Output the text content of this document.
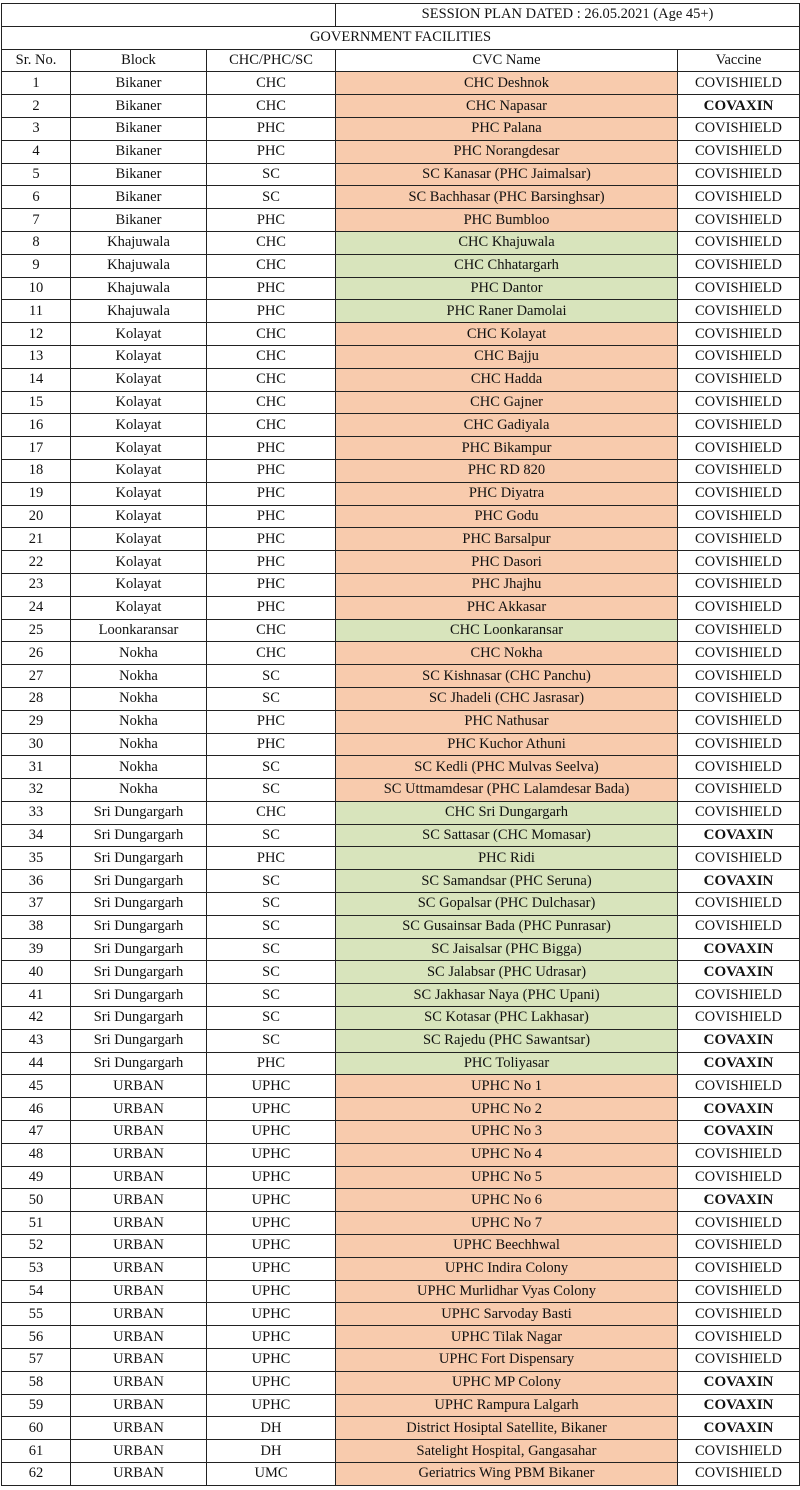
			SESSION PLAN DATED : 26.05.2021 (Age 45+)	
GOVERNMENT FACILITIES				
Sr. No.	Block	CHC/PHC/SC	CVC Name	Vaccine
1	Bikaner	CHC	CHC Deshnok	COVISHIELD
2	Bikaner	CHC	CHC Napasar	COVAXIN
3	Bikaner	PHC	PHC Palana	COVISHIELD
4	Bikaner	PHC	PHC Norangdesar	COVISHIELD
5	Bikaner	SC	SC Kanasar (PHC Jaimalsar)	COVISHIELD
6	Bikaner	SC	SC Bachhasar (PHC Barsinghsar)	COVISHIELD
7	Bikaner	PHC	PHC Bumbloo	COVISHIELD
8	Khajuwala	CHC	CHC Khajuwala	COVISHIELD
9	Khajuwala	CHC	CHC Chhatargarh	COVISHIELD
10	Khajuwala	PHC	PHC Dantor	COVISHIELD
11	Khajuwala	PHC	PHC Raner Damolai	COVISHIELD
12	Kolayat	CHC	CHC Kolayat	COVISHIELD
13	Kolayat	CHC	CHC Bajju	COVISHIELD
14	Kolayat	CHC	CHC Hadda	COVISHIELD
15	Kolayat	CHC	CHC Gajner	COVISHIELD
16	Kolayat	CHC	CHC Gadiyala	COVISHIELD
17	Kolayat	PHC	PHC Bikampur	COVISHIELD
18	Kolayat	PHC	PHC RD 820	COVISHIELD
19	Kolayat	PHC	PHC Diyatra	COVISHIELD
20	Kolayat	PHC	PHC Godu	COVISHIELD
21	Kolayat	PHC	PHC Barsalpur	COVISHIELD
22	Kolayat	PHC	PHC Dasori	COVISHIELD
23	Kolayat	PHC	PHC Jhajhu	COVISHIELD
24	Kolayat	PHC	PHC Akkasar	COVISHIELD
25	Loonkaransar	CHC	CHC Loonkaransar	COVISHIELD
26	Nokha	CHC	CHC Nokha	COVISHIELD
27	Nokha	SC	SC Kishnasar (CHC Panchu)	COVISHIELD
28	Nokha	SC	SC Jhadeli (CHC Jasrasar)	COVISHIELD
29	Nokha	PHC	PHC Nathusar	COVISHIELD
30	Nokha	PHC	PHC Kuchor Athuni	COVISHIELD
31	Nokha	SC	SC Kedli (PHC Mulvas Seelva)	COVISHIELD
32	Nokha	SC	SC Uttmamdesar (PHC Lalamdesar Bada)	COVISHIELD
33	Sri Dungargarh	CHC	CHC Sri Dungargarh	COVISHIELD
34	Sri Dungargarh	SC	SC Sattasar (CHC Momasar)	COVAXIN
35	Sri Dungargarh	PHC	PHC Ridi	COVISHIELD
36	Sri Dungargarh	SC	SC Samandsar (PHC Seruna)	COVAXIN
37	Sri Dungargarh	SC	SC Gopalsar (PHC Dulchasar)	COVISHIELD
38	Sri Dungargarh	SC	SC Gusainsar Bada (PHC Punrasar)	COVISHIELD
39	Sri Dungargarh	SC	SC Jaisalsar (PHC Bigga)	COVAXIN
40	Sri Dungargarh	SC	SC Jalabsar (PHC Udrasar)	COVAXIN
41	Sri Dungargarh	SC	SC Jakhasar Naya (PHC Upani)	COVISHIELD
42	Sri Dungargarh	SC	SC Kotasar (PHC Lakhasar)	COVISHIELD
43	Sri Dungargarh	SC	SC Rajedu (PHC Sawantsar)	COVAXIN
44	Sri Dungargarh	PHC	PHC Toliyasar	COVAXIN
45	URBAN	UPHC	UPHC No 1	COVISHIELD
46	URBAN	UPHC	UPHC No 2	COVAXIN
47	URBAN	UPHC	UPHC No 3	COVAXIN
48	URBAN	UPHC	UPHC No 4	COVISHIELD
49	URBAN	UPHC	UPHC No 5	COVISHIELD
50	URBAN	UPHC	UPHC No 6	COVAXIN
51	URBAN	UPHC	UPHC No 7	COVISHIELD
52	URBAN	UPHC	UPHC Beechhwal	COVISHIELD
53	URBAN	UPHC	UPHC Indira Colony	COVISHIELD
54	URBAN	UPHC	UPHC Murlidhar Vyas Colony	COVISHIELD
55	URBAN	UPHC	UPHC Sarvoday Basti	COVISHIELD
56	URBAN	UPHC	UPHC Tilak Nagar	COVISHIELD
57	URBAN	UPHC	UPHC Fort Dispensary	COVISHIELD
58	URBAN	UPHC	UPHC MP Colony	COVAXIN
59	URBAN	UPHC	UPHC Rampura Lalgarh	COVAXIN
60	URBAN	DH	District Hosiptal Satellite, Bikaner	COVAXIN
61	URBAN	DH	Satelight Hospital, Gangasahar	COVISHIELD
62	URBAN	UMC	Geriatrics Wing PBM Bikaner	COVISHIELD
